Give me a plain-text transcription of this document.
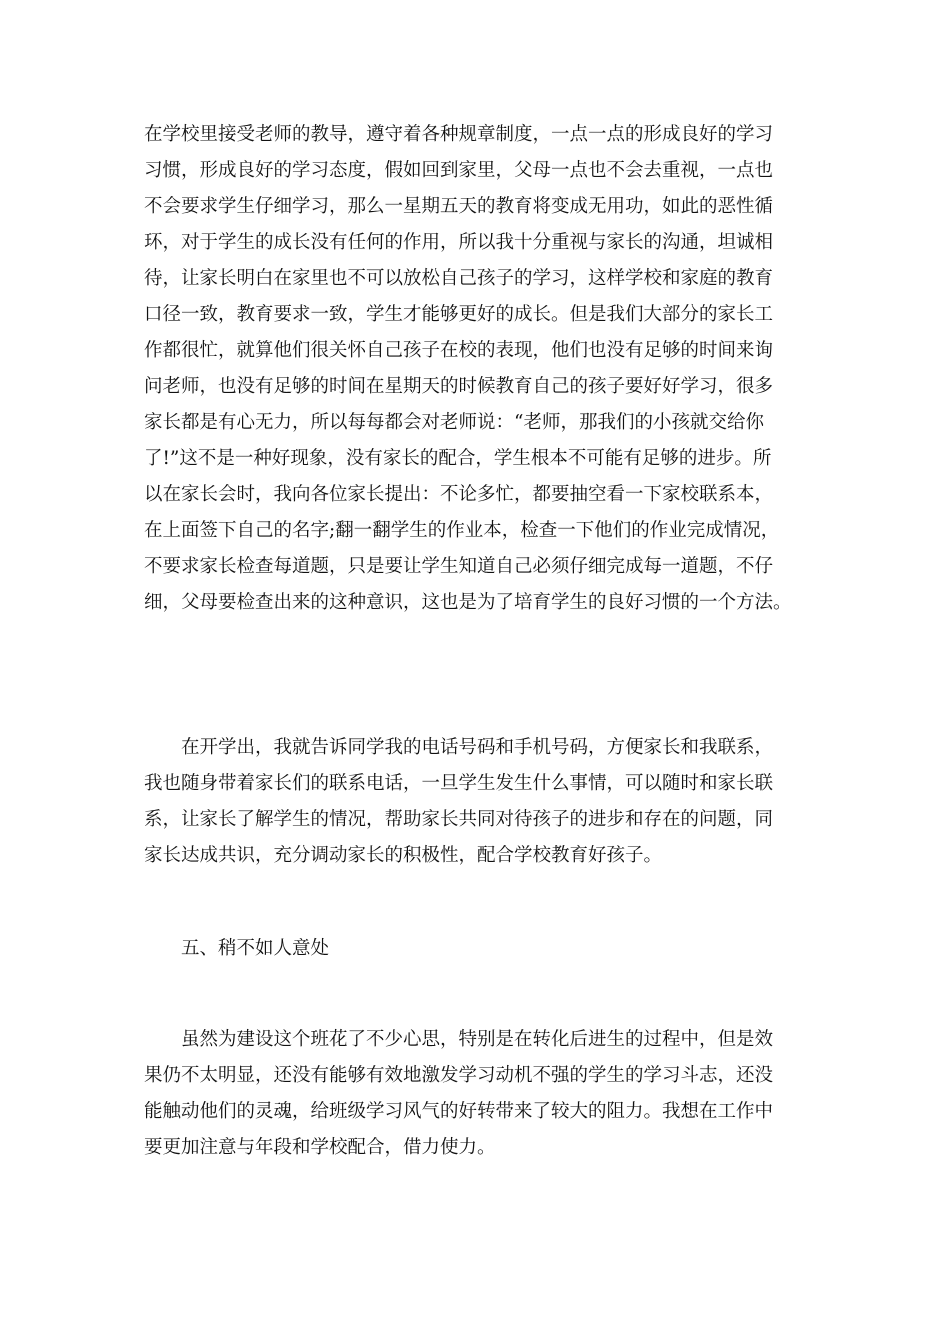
在学校里接受老师的教导，遵守着各种规章制度，一点一点的形成良好的学习
习惯，形成良好的学习态度，假如回到家里，父母一点也不会去重视，一点也
不会要求学生仔细学习，那么一星期五天的教育将变成无用功，如此的恶性循
环，对于学生的成长没有任何的作用，所以我十分重视与家长的沟通，坦诚相
待，让家长明白在家里也不可以放松自己孩子的学习，这样学校和家庭的教育
口径一致，教育要求一致，学生才能够更好的成长。但是我们大部分的家长工
作都很忙，就算他们很关怀自己孩子在校的表现，他们也没有足够的时间来询
问老师，也没有足够的时间在星期天的时候教育自己的孩子要好好学习，很多
家长都是有心无力，所以每每都会对老师说：“老师，那我们的小孩就交给你
了!”这不是一种好现象，没有家长的配合，学生根本不可能有足够的进步。所
以在家长会时，我向各位家长提出：不论多忙，都要抽空看一下家校联系本，
在上面签下自己的名字;翻一翻学生的作业本，检查一下他们的作业完成情况，
不要求家长检查每道题，只是要让学生知道自己必须仔细完成每一道题，不仔
细，父母要检查出来的这种意识，这也是为了培育学生的良好习惯的一个方法。
在开学出，我就告诉同学我的电话号码和手机号码，方便家长和我联系，
我也随身带着家长们的联系电话，一旦学生发生什么事情，可以随时和家长联
系，让家长了解学生的情况，帮助家长共同对待孩子的进步和存在的问题，同
家长达成共识，充分调动家长的积极性，配合学校教育好孩子。
五、稍不如人意处
虽然为建设这个班花了不少心思，特别是在转化后进生的过程中，但是效
果仍不太明显，还没有能够有效地激发学习动机不强的学生的学习斗志，还没
能触动他们的灵魂，给班级学习风气的好转带来了较大的阻力。我想在工作中
要更加注意与年段和学校配合，借力使力。
